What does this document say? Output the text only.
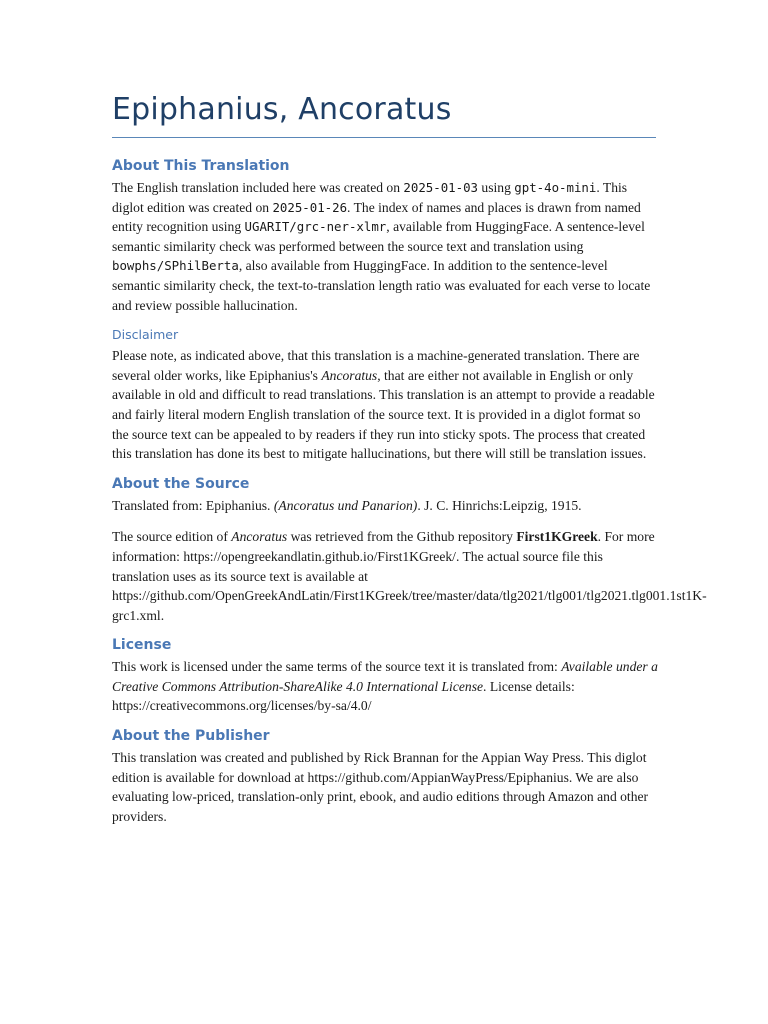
Epiphanius, Ancoratus
About This Translation

The English translation included here was created on 2025-01-03 using gpt-4o-mini. This diglot edition was created on 2025-01-26. The index of names and places is drawn from named entity recognition using UGARIT/grc-ner-xlmr, available from HuggingFace. A sentence-level semantic similarity check was performed between the source text and translation using bowphs/SPhilBerta, also available from HuggingFace. In addition to the sentence-level semantic similarity check, the text-to-translation length ratio was evaluated for each verse to locate and review possible hallucination.

Disclaimer

Please note, as indicated above, that this translation is a machine-generated translation. There are several older works, like Epiphanius's Ancoratus, that are either not available in English or only available in old and difficult to read translations. This translation is an attempt to provide a readable and fairly literal modern English translation of the source text. It is provided in a diglot format so the source text can be appealed to by readers if they run into sticky spots. The process that created this translation has done its best to mitigate hallucinations, but there will still be translation issues.

About the Source

Translated from: Epiphanius. (Ancoratus und Panarion). J. C. Hinrichs:Leipzig, 1915.

The source edition of Ancoratus was retrieved from the Github repository First1KGreek. For more information: https://opengreekandlatin.github.io/First1KGreek/. The actual source file this translation uses as its source text is available at https://github.com/OpenGreekAndLatin/First1KGreek/tree/master/data/tlg2021/tlg001/tlg2021.tlg001.1st1K-grc1.xml.

License

This work is licensed under the same terms of the source text it is translated from: Available under a Creative Commons Attribution-ShareAlike 4.0 International License. License details: https://creativecommons.org/licenses/by-sa/4.0/

About the Publisher

This translation was created and published by Rick Brannan for the Appian Way Press. This diglot edition is available for download at https://github.com/AppianWayPress/Epiphanius. We are also evaluating low-priced, translation-only print, ebook, and audio editions through Amazon and other providers.
